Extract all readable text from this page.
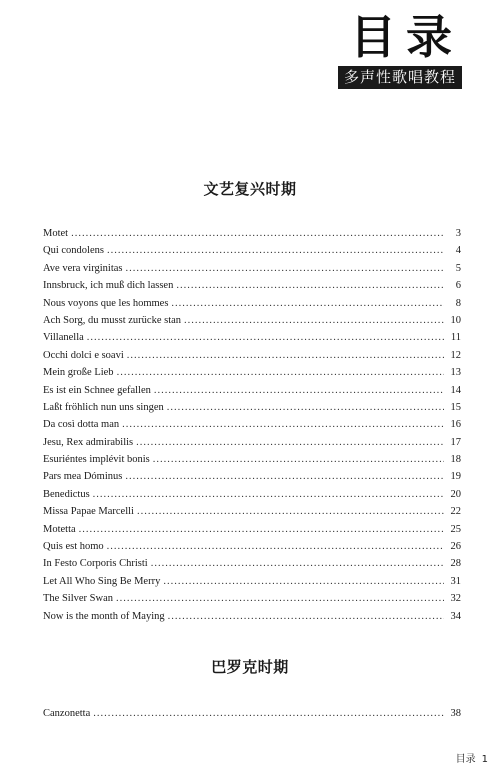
目录
多声性歌唱教程
文艺复兴时期
Motet .....	3
Qui condolens .....	4
Ave vera virginitas .....	5
Innsbruck, ich muß dich lassen .....	6
Nous voyons que les hommes .....	8
Ach Sorg, du musst zurücke stan .....	10
Villanella .....	11
Occhi dolci e soavi .....	12
Mein große Lieb .....	13
Es ist ein Schnee gefallen .....	14
Laßt fröhlich nun uns singen .....	15
Da così dotta man .....	16
Jesu, Rex admirabilis .....	17
Esuriéntes implévit bonis .....	18
Pars mea Dóminus .....	19
Benedictus .....	20
Missa Papae Marcelli .....	22
Motetta .....	25
Quis est homo .....	26
In Festo Corporis Christi .....	28
Let All Who Sing Be Merry .....	31
The Silver Swan .....	32
Now is the month of Maying .....	34
巴罗克时期
Canzonetta .....	38
目录 1
